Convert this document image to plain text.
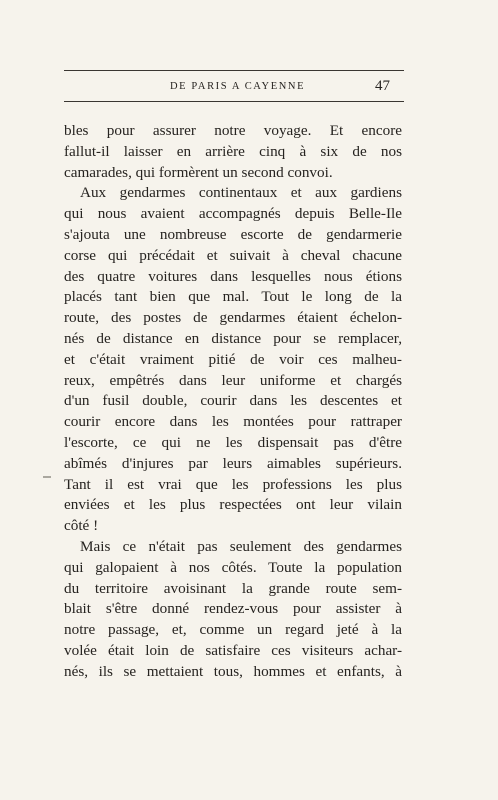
DE PARIS A CAYENNE	47
bles pour assurer notre voyage. Et encore
fallut-il laisser en arrière cinq à six de nos
camarades, qui formèrent un second convoi.
Aux gendarmes continentaux et aux gardiens
qui nous avaient accompagnés depuis Belle-Ile
s'ajouta une nombreuse escorte de gendarmerie
corse qui précédait et suivait à cheval chacune
des quatre voitures dans lesquelles nous étions
placés tant bien que mal. Tout le long de la
route, des postes de gendarmes étaient échelon-
nés de distance en distance pour se remplacer,
et c'était vraiment pitié de voir ces malheu-
reux, empêtrés dans leur uniforme et chargés
d'un fusil double, courir dans les descentes et
courir encore dans les montées pour rattraper
l'escorte, ce qui ne les dispensait pas d'être
abîmés d'injures par leurs aimables supérieurs.
Tant il est vrai que les professions les plus
enviées et les plus respectées ont leur vilain
côté !
Mais ce n'était pas seulement des gendarmes
qui galopaient à nos côtés. Toute la population
du territoire avoisinant la grande route sem-
blait s'être donné rendez-vous pour assister à
notre passage, et, comme un regard jeté à la
volée était loin de satisfaire ces visiteurs achar-
nés, ils se mettaient tous, hommes et enfants, à
